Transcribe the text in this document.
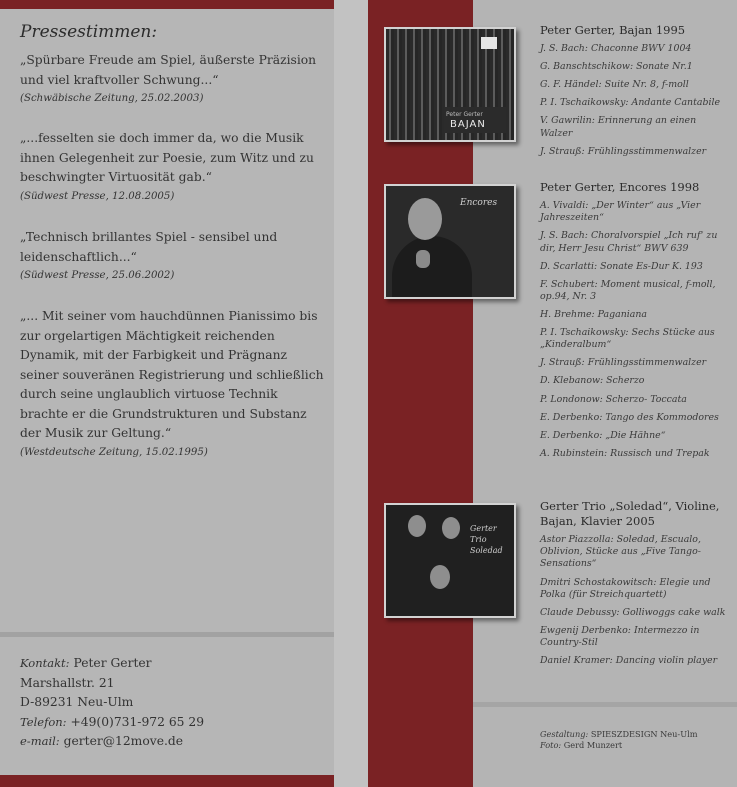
Pressestimmen:
„Spürbare Freude am Spiel, äußerste Präzision und viel kraftvoller Schwung...“
(Schwäbische Zeitung, 25.02.2003)
„...fesselten sie doch immer da, wo die Musik ihnen Gelegenheit zur Poesie, zum Witz und zu beschwingter Virtuosität gab.“
(Südwest Presse, 12.08.2005)
„Technisch brillantes Spiel - sensibel und leidenschaftlich...“
(Südwest Presse, 25.06.2002)
„... Mit seiner vom hauchdünnen Pianissimo bis zur orgelartigen Mächtigkeit reichenden Dynamik, mit der Farbigkeit und Prägnanz seiner souveränen Registrierung und schließlich durch seine unglaublich virtuose Technik brachte er die Grundstrukturen und Substanz der Musik zur Geltung.“
(Westdeutsche Zeitung, 15.02.1995)
Kontakt: Peter Gerter
Marshallstr. 21
D-89231 Neu-Ulm
Telefon: +49(0)731-972 65 29
e-mail: gerter@12move.de
Peter Gerter
BAJAN
Encores
Gerter Trio Soledad
Peter Gerter, Bajan 1995
J. S. Bach: Chaconne BWV 1004
G. Banschtschikow: Sonate Nr.1
G. F. Händel: Suite Nr. 8, f-moll
P. I. Tschaikowsky: Andante Cantabile
V. Gawrilin: Erinnerung an einen Walzer
J. Strauß: Frühlingsstimmenwalzer
Peter Gerter, Encores 1998
A. Vivaldi: „Der Winter“ aus „Vier Jahreszeiten“
J. S. Bach: Choralvorspiel „Ich ruf‘ zu dir, Herr Jesu Christ“ BWV 639
D. Scarlatti: Sonate Es-Dur K. 193
F. Schubert: Moment musical, f-moll, op.94, Nr. 3
H. Brehme: Paganiana
P. I. Tschaikowsky: Sechs Stücke aus „Kinderalbum“
J. Strauß: Frühlingsstimmenwalzer
D. Klebanow: Scherzo
P. Londonow: Scherzo- Toccata
E. Derbenko: Tango des Kommodores
E. Derbenko: „Die Hähne“
A. Rubinstein: Russisch und Trepak
Gerter Trio „Soledad“, Violine, Bajan, Klavier 2005
Astor Piazzolla: Soledad, Escualo, Oblivion, Stücke aus „Five Tango-Sensations“
Dmitri Schostakowitsch: Elegie und Polka (für Streichquartett)
Claude Debussy: Golliwoggs cake walk
Ewgenij Derbenko: Intermezzo in Country-Stil
Daniel Kramer: Dancing violin player
Gestaltung: SPIESZDESIGN Neu-Ulm
Foto: Gerd Munzert
